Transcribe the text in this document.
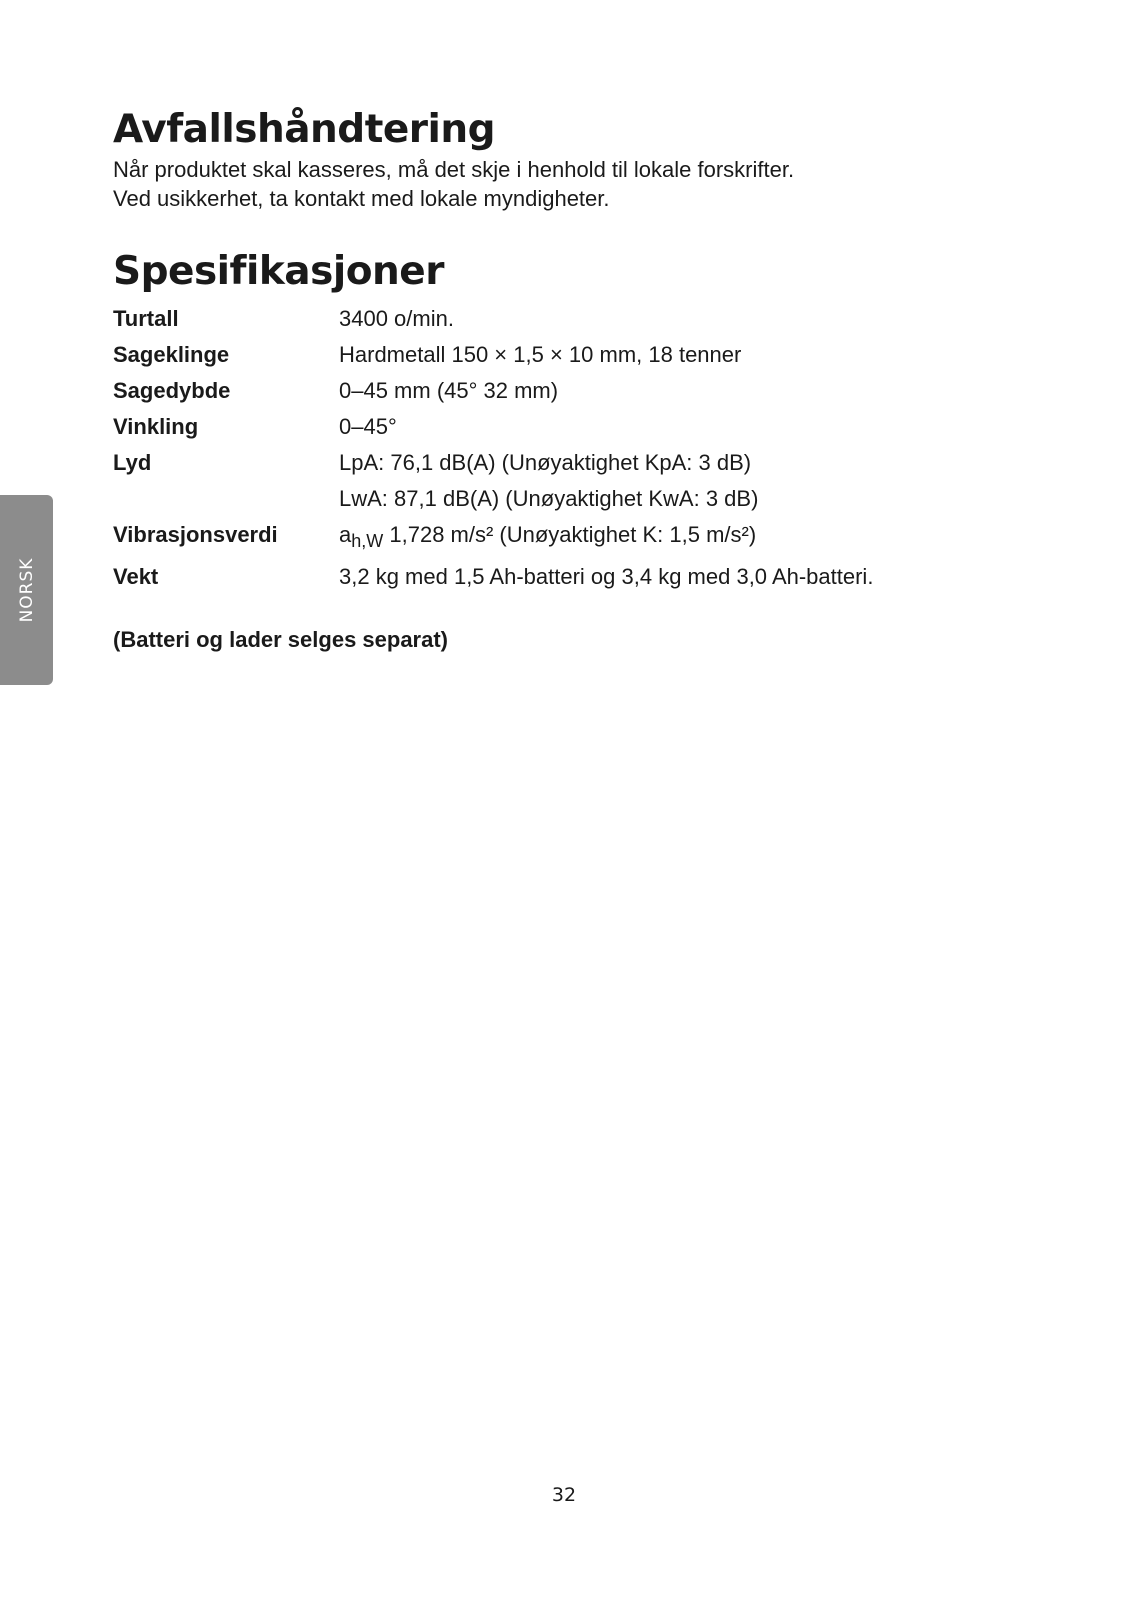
NORSK
Avfallshåndtering

Når produktet skal kasseres, må det skje i henhold til lokale forskrifter.

Ved usikkerhet, ta kontakt med lokale myndigheter.

Spesifikasjoner
Turtall	3400 o/min.
Sageklinge	Hardmetall 150 × 1,5 × 10 mm, 18 tenner
Sagedybde	0–45 mm (45° 32 mm)
Vinkling	0–45°
Lyd	LpA: 76,1 dB(A) (Unøyaktighet KpA: 3 dB)
LwA: 87,1 dB(A) (Unøyaktighet KwA: 3 dB)
Vibrasjonsverdi	$a_{h,W}$ 1,728 m/s² (Unøyaktighet K: 1,5 m/s²)
Vekt	3,2 kg med 1,5 Ah-batteri og 3,4 kg med 3,0 Ah-batteri.

(Batteri og lader selges separat)

32
